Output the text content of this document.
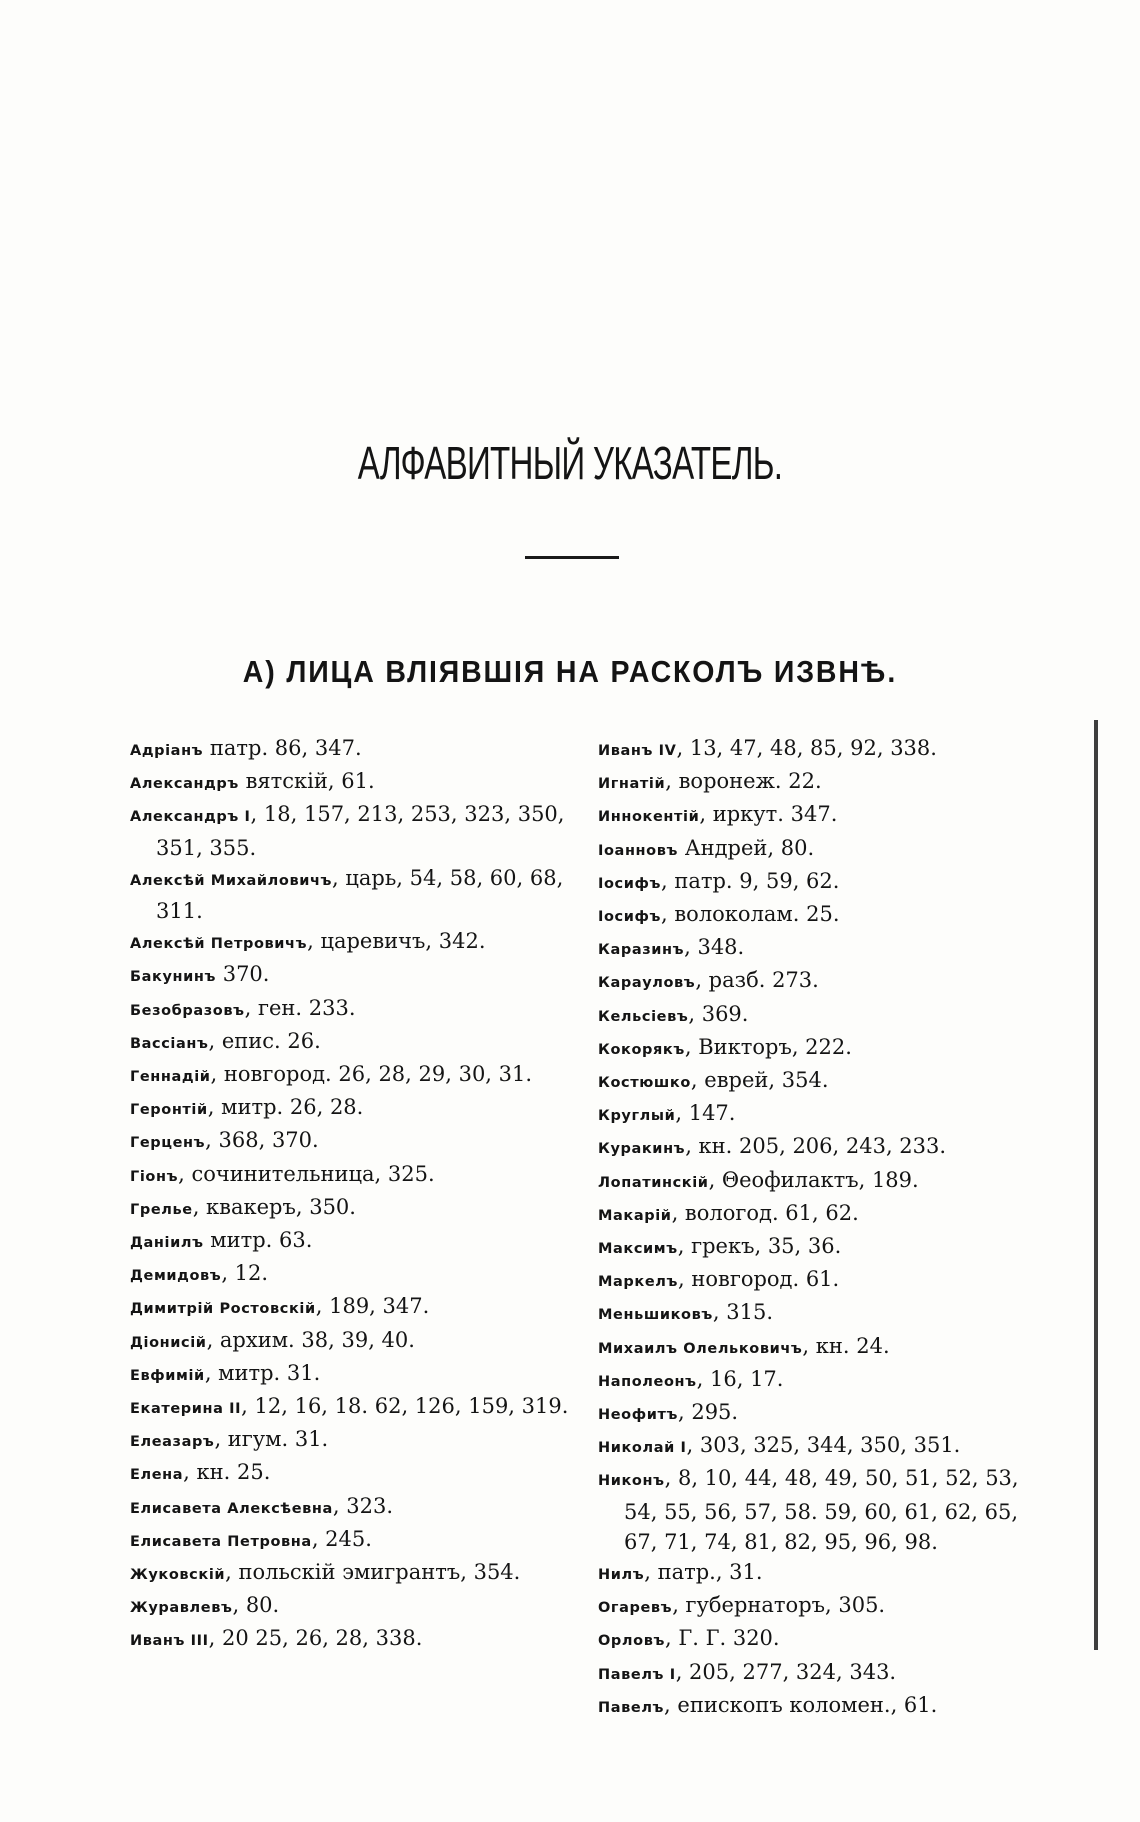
АЛФАВИТНЫЙ УКАЗАТЕЛЬ.
А) ЛИЦА ВЛІЯВШІЯ НА РАСКОЛЪ ИЗВНѢ.
Адріанъ патр. 86, 347.
Александръ вятскій, 61.
Александръ I, 18, 157, 213, 253, 323, 350, 351, 355.
Алексѣй Михайловичъ, царь, 54, 58, 60, 68, 311.
Алексѣй Петровичъ, царевичъ, 342.
Бакунинъ 370.
Безобразовъ, ген. 233.
Вассіанъ, епис. 26.
Геннадій, новгород. 26, 28, 29, 30, 31.
Геронтій, митр. 26, 28.
Герценъ, 368, 370.
Гіонъ, сочинительница, 325.
Грелье, квакеръ, 350.
Даніилъ митр. 63.
Демидовъ, 12.
Димитрій Ростовскій, 189, 347.
Діонисій, архим. 38, 39, 40.
Евфимій, митр. 31.
Екатерина II, 12, 16, 18. 62, 126, 159, 319.
Елеазаръ, игум. 31.
Елена, кн. 25.
Елисавета Алексѣевна, 323.
Елисавета Петровна, 245.
Жуковскій, польскій эмигрантъ, 354.
Журавлевъ, 80.
Иванъ III, 20 25, 26, 28, 338.
Иванъ IV, 13, 47, 48, 85, 92, 338.
Игнатій, воронеж. 22.
Иннокентій, иркут. 347.
Іоанновъ Андрей, 80.
Іосифъ, патр. 9, 59, 62.
Іосифъ, волоколам. 25.
Каразинъ, 348.
Карауловъ, разб. 273.
Кельсіевъ, 369.
Кокорякъ, Викторъ, 222.
Костюшко, еврей, 354.
Круглый, 147.
Куракинъ, кн. 205, 206, 243, 233.
Лопатинскій, Θеофилактъ, 189.
Макарій, вологод. 61, 62.
Максимъ, грекъ, 35, 36.
Маркелъ, новгород. 61.
Меньшиковъ, 315.
Михаилъ Олельковичъ, кн. 24.
Наполеонъ, 16, 17.
Неофитъ, 295.
Николай I, 303, 325, 344, 350, 351.
Никонъ, 8, 10, 44, 48, 49, 50, 51, 52, 53, 54, 55, 56, 57, 58. 59, 60, 61, 62, 65, 67, 71, 74, 81, 82, 95, 96, 98.
Нилъ, патр., 31.
Огаревъ, губернаторъ, 305.
Орловъ, Г. Г. 320.
Павелъ I, 205, 277, 324, 343.
Павелъ, епископъ коломен., 61.
